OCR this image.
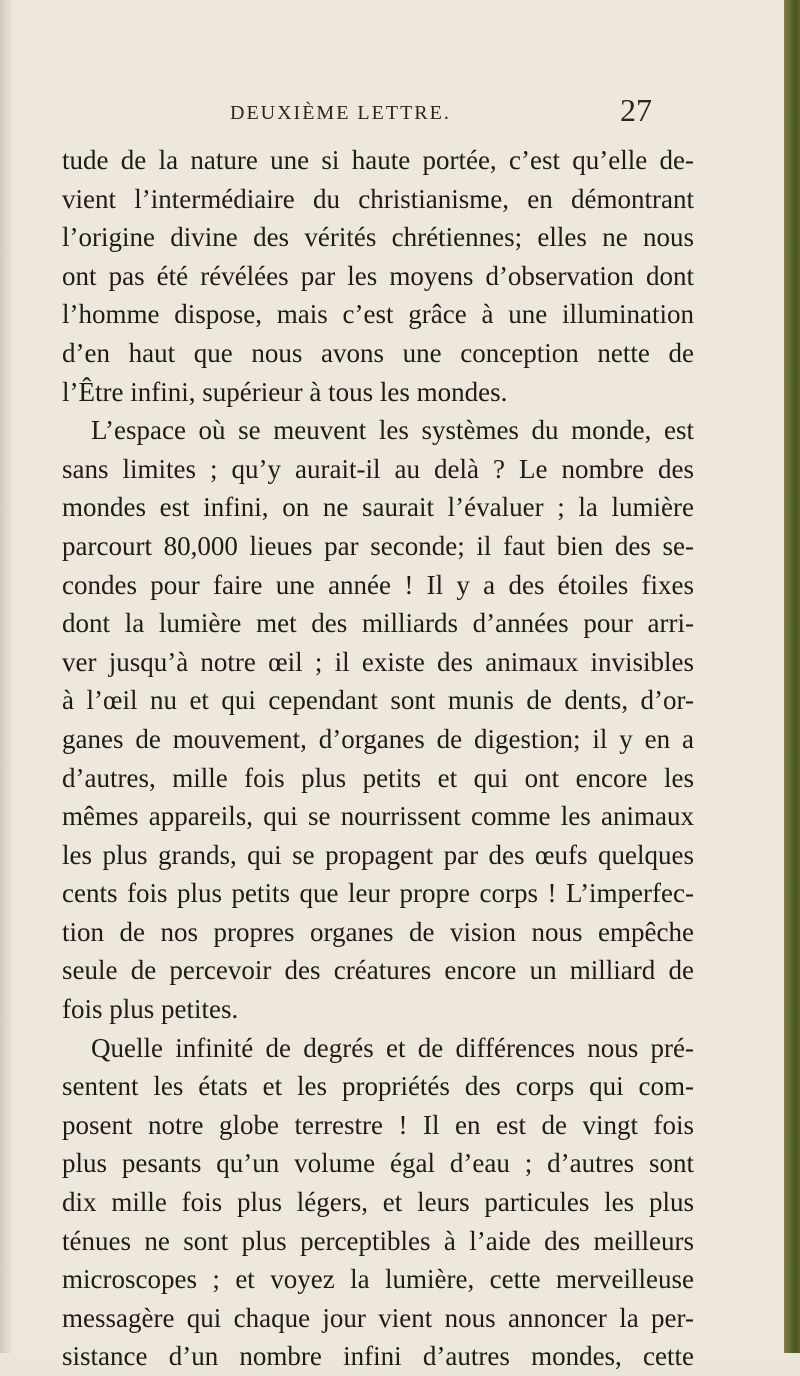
DEUXIÈME LETTRE.	27
tude de la nature une si haute portée, c’est qu’elle de-
vient l’intermédiaire du christianisme, en démontrant
l’origine divine des vérités chrétiennes; elles ne nous
ont pas été révélées par les moyens d’observation dont
l’homme dispose, mais c’est grâce à une illumination
d’en haut que nous avons une conception nette de
l’Être infini, supérieur à tous les mondes.
L’espace où se meuvent les systèmes du monde, est
sans limites ; qu’y aurait-il au delà ? Le nombre des
mondes est infini, on ne saurait l’évaluer ; la lumière
parcourt 80,000 lieues par seconde; il faut bien des se-
condes pour faire une année ! Il y a des étoiles fixes
dont la lumière met des milliards d’années pour arri-
ver jusqu’à notre œil ; il existe des animaux invisibles
à l’œil nu et qui cependant sont munis de dents, d’or-
ganes de mouvement, d’organes de digestion; il y en a
d’autres, mille fois plus petits et qui ont encore les
mêmes appareils, qui se nourrissent comme les animaux
les plus grands, qui se propagent par des œufs quelques
cents fois plus petits que leur propre corps ! L’imperfec-
tion de nos propres organes de vision nous empêche
seule de percevoir des créatures encore un milliard de
fois plus petites.
Quelle infinité de degrés et de différences nous pré-
sentent les états et les propriétés des corps qui com-
posent notre globe terrestre ! Il en est de vingt fois
plus pesants qu’un volume égal d’eau ; d’autres sont
dix mille fois plus légers, et leurs particules les plus
ténues ne sont plus perceptibles à l’aide des meilleurs
microscopes ; et voyez la lumière, cette merveilleuse
messagère qui chaque jour vient nous annoncer la per-
sistance d’un nombre infini d’autres mondes, cette
